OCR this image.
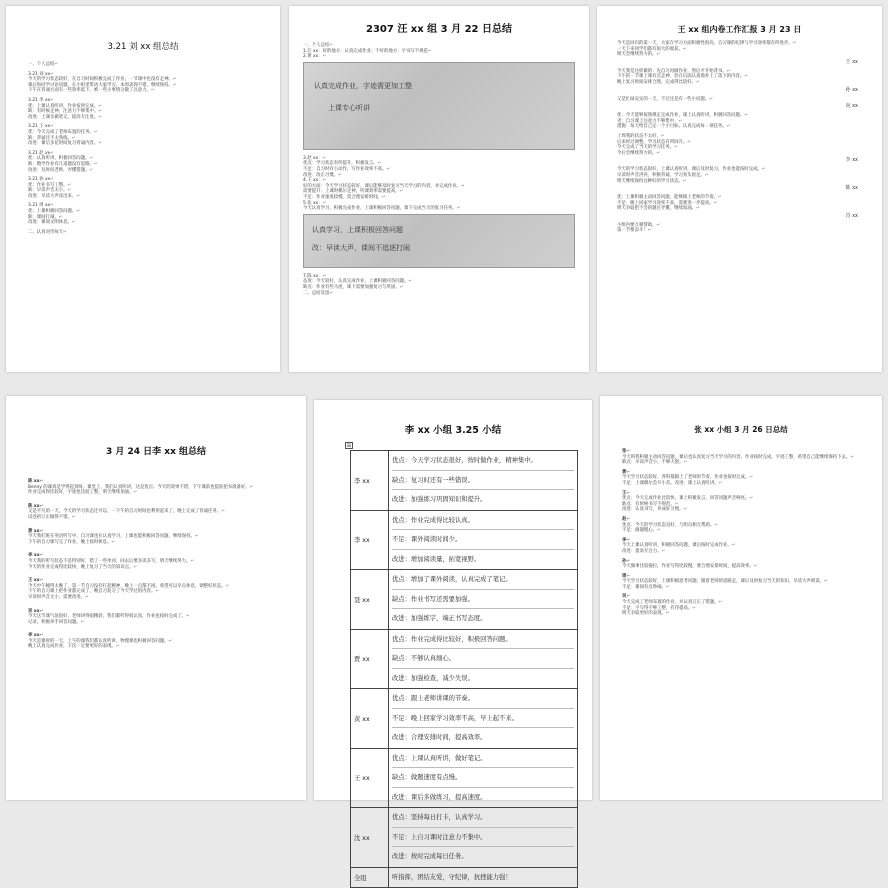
3.21 刘 xx 组总结
一、个人总结 ↵
3.21 刘 xx ↵
今天的学习状态较好，在自习时间积极完成了作业，一节课中也没有走神。 ↵
课后和同学讨论问题，在小组里带动大家学习，本周表现不错，继续保持。 ↵
下午在背诵方面有一些效率低下，被一些小事情分散了注意力。 ↵
3.21 李 xx ↵
优：上课认真听讲，作业按时完成。 ↵
缺：有时候走神，注意力不够集中。 ↵
改进：上课多做笔记，提高专注度。 ↵
3.21 王 xx ↵
优：今天完成了老师布置的任务。 ↵
缺：背诵还不太熟练。 ↵
改进：课后多花时间复习背诵内容。 ↵
3.21 赵 xx ↵
优：认真听讲，积极回答问题。 ↵
缺：数学作业有几道题没有思路。 ↵
改进：及时问老师，弄懂错题。 ↵
3.21 孙 xx ↵
优：作业书写工整。 ↵
缺：早读声音太小。 ↵
改进：早读大声读出来。 ↵
3.21 周 xx ↵
优：上课积极回答问题。 ↵
缺：课间打闹。 ↵
改进：课间文明休息。 ↵
二、认真对待每天 ↵
2307 汪 xx 组 3 月 22 日总结
一、个人总结 ↵
1.汪 xx：好的地方：认真完成作业；不好的地方：字书写不规范 ↵
2.黄 xx： ↵
认真完成作业，字迹需更加工整
上课专心听讲
3.赵 xx： ↵
优点：学习状态有所提升，积极发言。 ↵
不足：自习时有小动作，写作业效率不高。 ↵
改进：改正习惯。 ↵
4.王 xx： ↵
好的方面：今天学习状态较好，课后能够及时复习当天学习的内容，并完成作业。 ↵
需要提升：上课时偶尔走神，听课效率需要提高。 ↵
不足：作业速度较慢，需合理安排时间。 ↵
5.张 xx： ↵
今天认真学习，积极完成作业，上课积极回答问题，课下完成当天的复习任务。 ↵
认真学习，上课积极回答问题
改：早读大声，课间不追逐打闹
7.陈 xx： ↵
态度：今天较好，认真完成作业，上课积极回答问题。 ↵
缺点：作业有些马虎，课下需要加强复习与巩固。 ↵
二、总结反思 ↵
王 xx 组内卷工作汇报 3 月 23 日
今天是回归的第一天，大家在学习方面积极性很高，自习课的纪律与学习效率都有所进步。 ↵
一天下来同学们都有很大的收获。 ↵
明天会继续努力的。 ↵
王 xx
今天我是这样做的：先自习再做作业，然后才开始背书。 ↵
下午的一节课上课有点走神，但在后面认真地补上了落下的内容。 ↵
晚上复习时间安排合理，完成得比较好。 ↵
孙 xx
又是忙碌充实的一天，不过还是有一些小问题。 ↵
向 xx
优：今天能够按照规定完成作业，课上认真听讲，积极回答问题。 ↵
劣：自习课上注意力不够集中。 ↵
措施：每天给自己定一个小目标，认真完成每一项任务。 ↵
上周我的状态不太好， ↵
后来经过调整，学习状态有所回升。 ↵
今天完成了当天的学习任务， ↵
今后会继续努力的。 ↵
李 xx
今天的学习状态很好，上课认真听讲，课后及时复习，作业也能按时完成。 ↵
早读时声音洪亮，积极背诵，学习劲头很足。 ↵
明天继续保持这种好的学习状态。 ↵
陈 xx
优：上课积极主动回答问题，能够跟上老师的节奏。 ↵
不足：晚上回家学习效率不高，需要进一步提高。 ↵
明天争取把不会的题目弄懂，继续加油。 ↵
肖 xx
小组内要互相帮助， ↵
第一节要奋斗！ ↵
3 月 24 日李 xx 组总结
陈 xx ↵
Benny 的课真是学得起劲呀。课堂上，我们认真听讲，这是优点；今天的效果不错，下午课前也提前把书准备好。 ↵
作业完成得比较好，字迹也比较工整，明天继续加油。 ↵
陈 xx ↵
又是平凡的一天，今天的学习状态还可以，一下午的自习时间也利用起来了，晚上完成了背诵任务。 ↵
试卷的订正做得不错。 ↵
黄 xx ↵
今天我们班在英语听写中，自习课也在认真学习，上课也能积极回答问题，继续保持。 ↵
下午的自习课写完了作业，晚上按时休息。 ↵
李 xx ↵
今天我的听写状态不是特别好，错了一些单词，回去后要多读多写，明天继续努力。 ↵
今天的作业完成得比较快，晚上复习了当天的知识点。 ↵
王 xx ↵
今天中午睡得太晚了，第一节自习没有打起精神，晚上一点都不困。希望可以早点休息，调整好状态。 ↵
下午的自习课上把作业都完成了，晚自习复习了今天学过的内容。 ↵
早读时声音太小，需要改进。 ↵
吴 xx ↵
今天这节课气氛很好，老师讲得很精彩，我们都听得很认真，作业也按时完成了。 ↵
记录，积极举手回答问题。 ↵
李 xx ↵
今天是课时的一天，上午的课我们都认真听讲，物理课也积极回答问题。 ↵
晚上认真完成作业，下次一定要更好的表现。 ↵
李 xx 小组 3.25 小结
⊞
李 xx	优点：今天学习状态很好，按时做作业，精神集中。
缺点：复习时还有一些错误。
改进：加强练习巩固知识和提升。

李 xx	优点：作业完成得比较认真。
不足：课外阅读时间少。
改进：增加阅读量，拓宽视野。

聂 xx	优点：增加了课外阅读，认真完成了笔记。
缺点：作业书写还需要加强。
改进：加强练字，端正书写态度。

贾 xx	优点：作业完成得比较好，积极回答问题。
缺点：不够认真细心。
改进：加强检查，减少失误。

黄 xx	优点：跟上老师讲课的节奏。
不足：晚上回家学习效率不高，早上起不来。
改进：合理安排时间，提高效率。

王 xx	优点：上课认真听讲，做好笔记。
缺点：做题速度有点慢。
改进：课后多做练习，提高速度。

沈 xx	优点：坚持每日打卡，认真学习。
不足：上自习课时注意力不集中。
改进：按时完成每日任务。

全组	听指挥，团结友爱，守纪律，抗挫能力强！
张 xx 小组 3 月 26 日总结
张 ↵
今天的我积极主动回答问题，课后也认真复习当天学习的内容，作业按时完成，字迹工整，希望自己能继续保持下去。 ↵
缺点：早读声音小，不够大胆。 ↵
黄 ↵
今天学习状态较好，各科都跟上了老师的节奏，作业也按时完成。 ↵
不足：上课偶尔会开小差。改进：课上认真听讲。 ↵
王 ↵
优点：今天完成作业比较快，课上积极发言，回答问题声音响亮。 ↵
缺点：有时候书写不规范。 ↵
改进：认真书写，养成好习惯。 ↵
赵 ↵
优点：今天的学习状态良好，与组员相互帮助。 ↵
不足：做题粗心。 ↵
李 ↵
今天上课认真听讲，积极回答问题，课后按时完成作业。 ↵
改进：提高专注力。 ↵
孙 ↵
今天做事比较拖拉，作业写得比较慢，要合理安排时间，提高效率。 ↵
周 ↵
今天学习状态较好，上课积极思考问题，跟着老师的思路走，课后及时复习当天的知识，早读大声朗读。 ↵
不足：课间有点吵闹。 ↵
吴 ↵
今天完成了老师布置的作业，并认真订正了错题。 ↵
不足：字写得不够工整，有待提高。 ↵
明天争取更好的表现。 ↵
